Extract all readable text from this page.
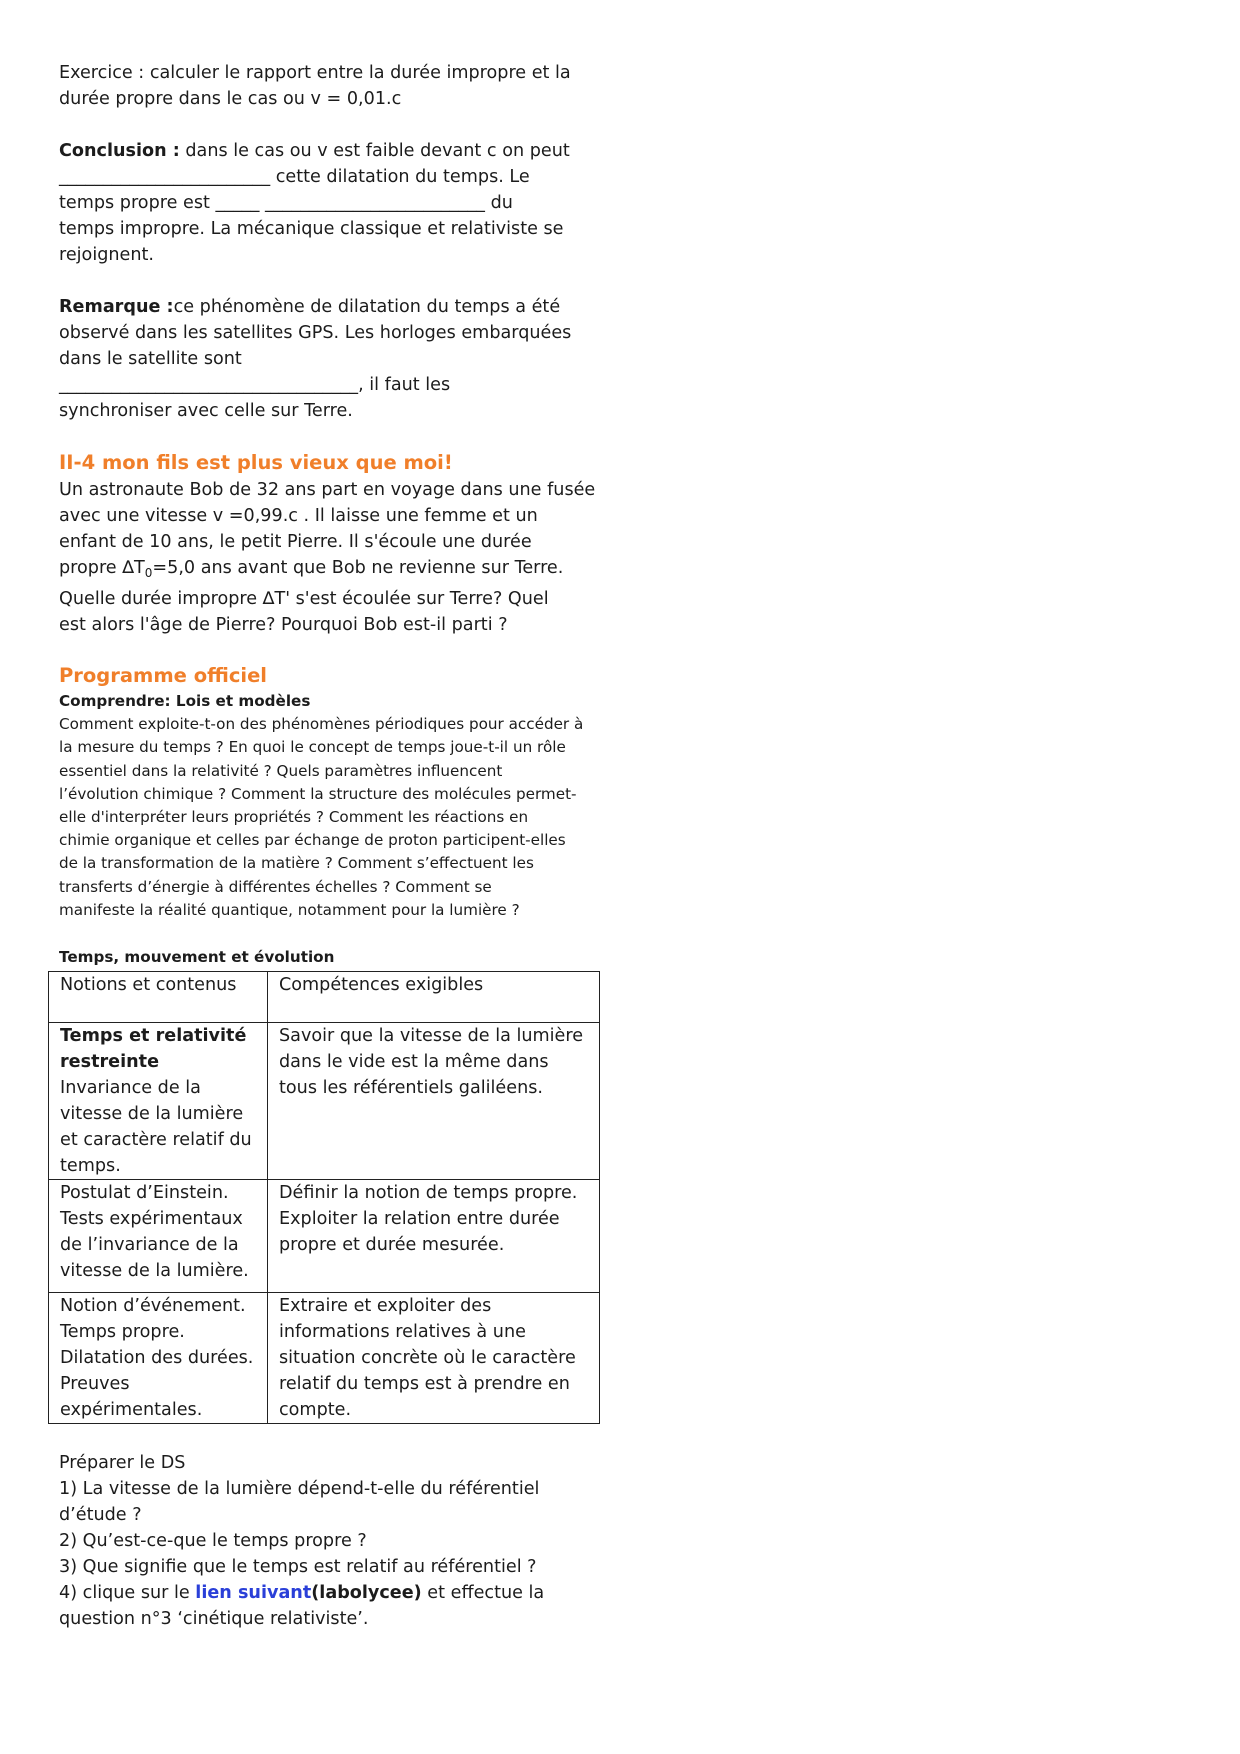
Exercice : calculer le rapport entre la durée impropre et la durée propre dans le cas ou v = 0,01.c

Conclusion : dans le cas ou v est faible devant c on peut
________________________ cette dilatation du temps. Le
temps propre est _____ _________________________ du
temps impropre. La mécanique classique et relativiste se
rejoignent.
Remarque :ce phénomène de dilatation du temps a été
observé dans les satellites GPS. Les horloges embarquées
dans le satellite sont
__________________________________, il faut les
synchroniser avec celle sur Terre.
II-4 mon fils est plus vieux que moi!
Un astronaute Bob de 32 ans part en voyage dans une fusée
avec une vitesse v =0,99.c . Il laisse une femme et un
enfant de 10 ans, le petit Pierre. Il s'écoule une durée
propre $\Delta T_0=5,0$ ans avant que Bob ne revienne sur Terre.
Quelle durée impropre ∆T' s'est écoulée sur Terre? Quel
est alors l'âge de Pierre? Pourquoi Bob est-il parti ?
Programme officiel

Comprendre: Lois et modèles

Comment exploite-t-on des phénomènes périodiques pour accéder à
la mesure du temps ? En quoi le concept de temps joue-t-il un rôle
essentiel dans la relativité ? Quels paramètres influencent
l’évolution chimique ? Comment la structure des molécules permet-
elle d'interpréter leurs propriétés ? Comment les réactions en
chimie organique et celles par échange de proton participent-elles
de la transformation de la matière ? Comment s’effectuent les
transferts d’énergie à différentes échelles ? Comment se
manifeste la réalité quantique, notamment pour la lumière ?

Temps, mouvement et évolution

Notions et contenus	Compétences exigibles
Temps et relativité restreinte
Invariance de la vitesse de la lumière et caractère relatif du temps.	Savoir que la vitesse de la lumière dans le vide est la même dans tous les référentiels galiléens.
Postulat d’Einstein. Tests expérimentaux de l’invariance de la vitesse de la lumière.	Définir la notion de temps propre. Exploiter la relation entre durée propre et durée mesurée.
Notion d’événement. Temps propre. Dilatation des durées. Preuves expérimentales.	Extraire et exploiter des informations relatives à une situation concrète où le caractère relatif du temps est à prendre en compte.
Préparer le DS
1) La vitesse de la lumière dépend-t-elle du référentiel d’étude ?
2) Qu’est-ce-que le temps propre ?
3) Que signifie que le temps est relatif au référentiel ?
4) clique sur le lien suivant(labolycee) et effectue la question n°3 ‘cinétique relativiste’.
